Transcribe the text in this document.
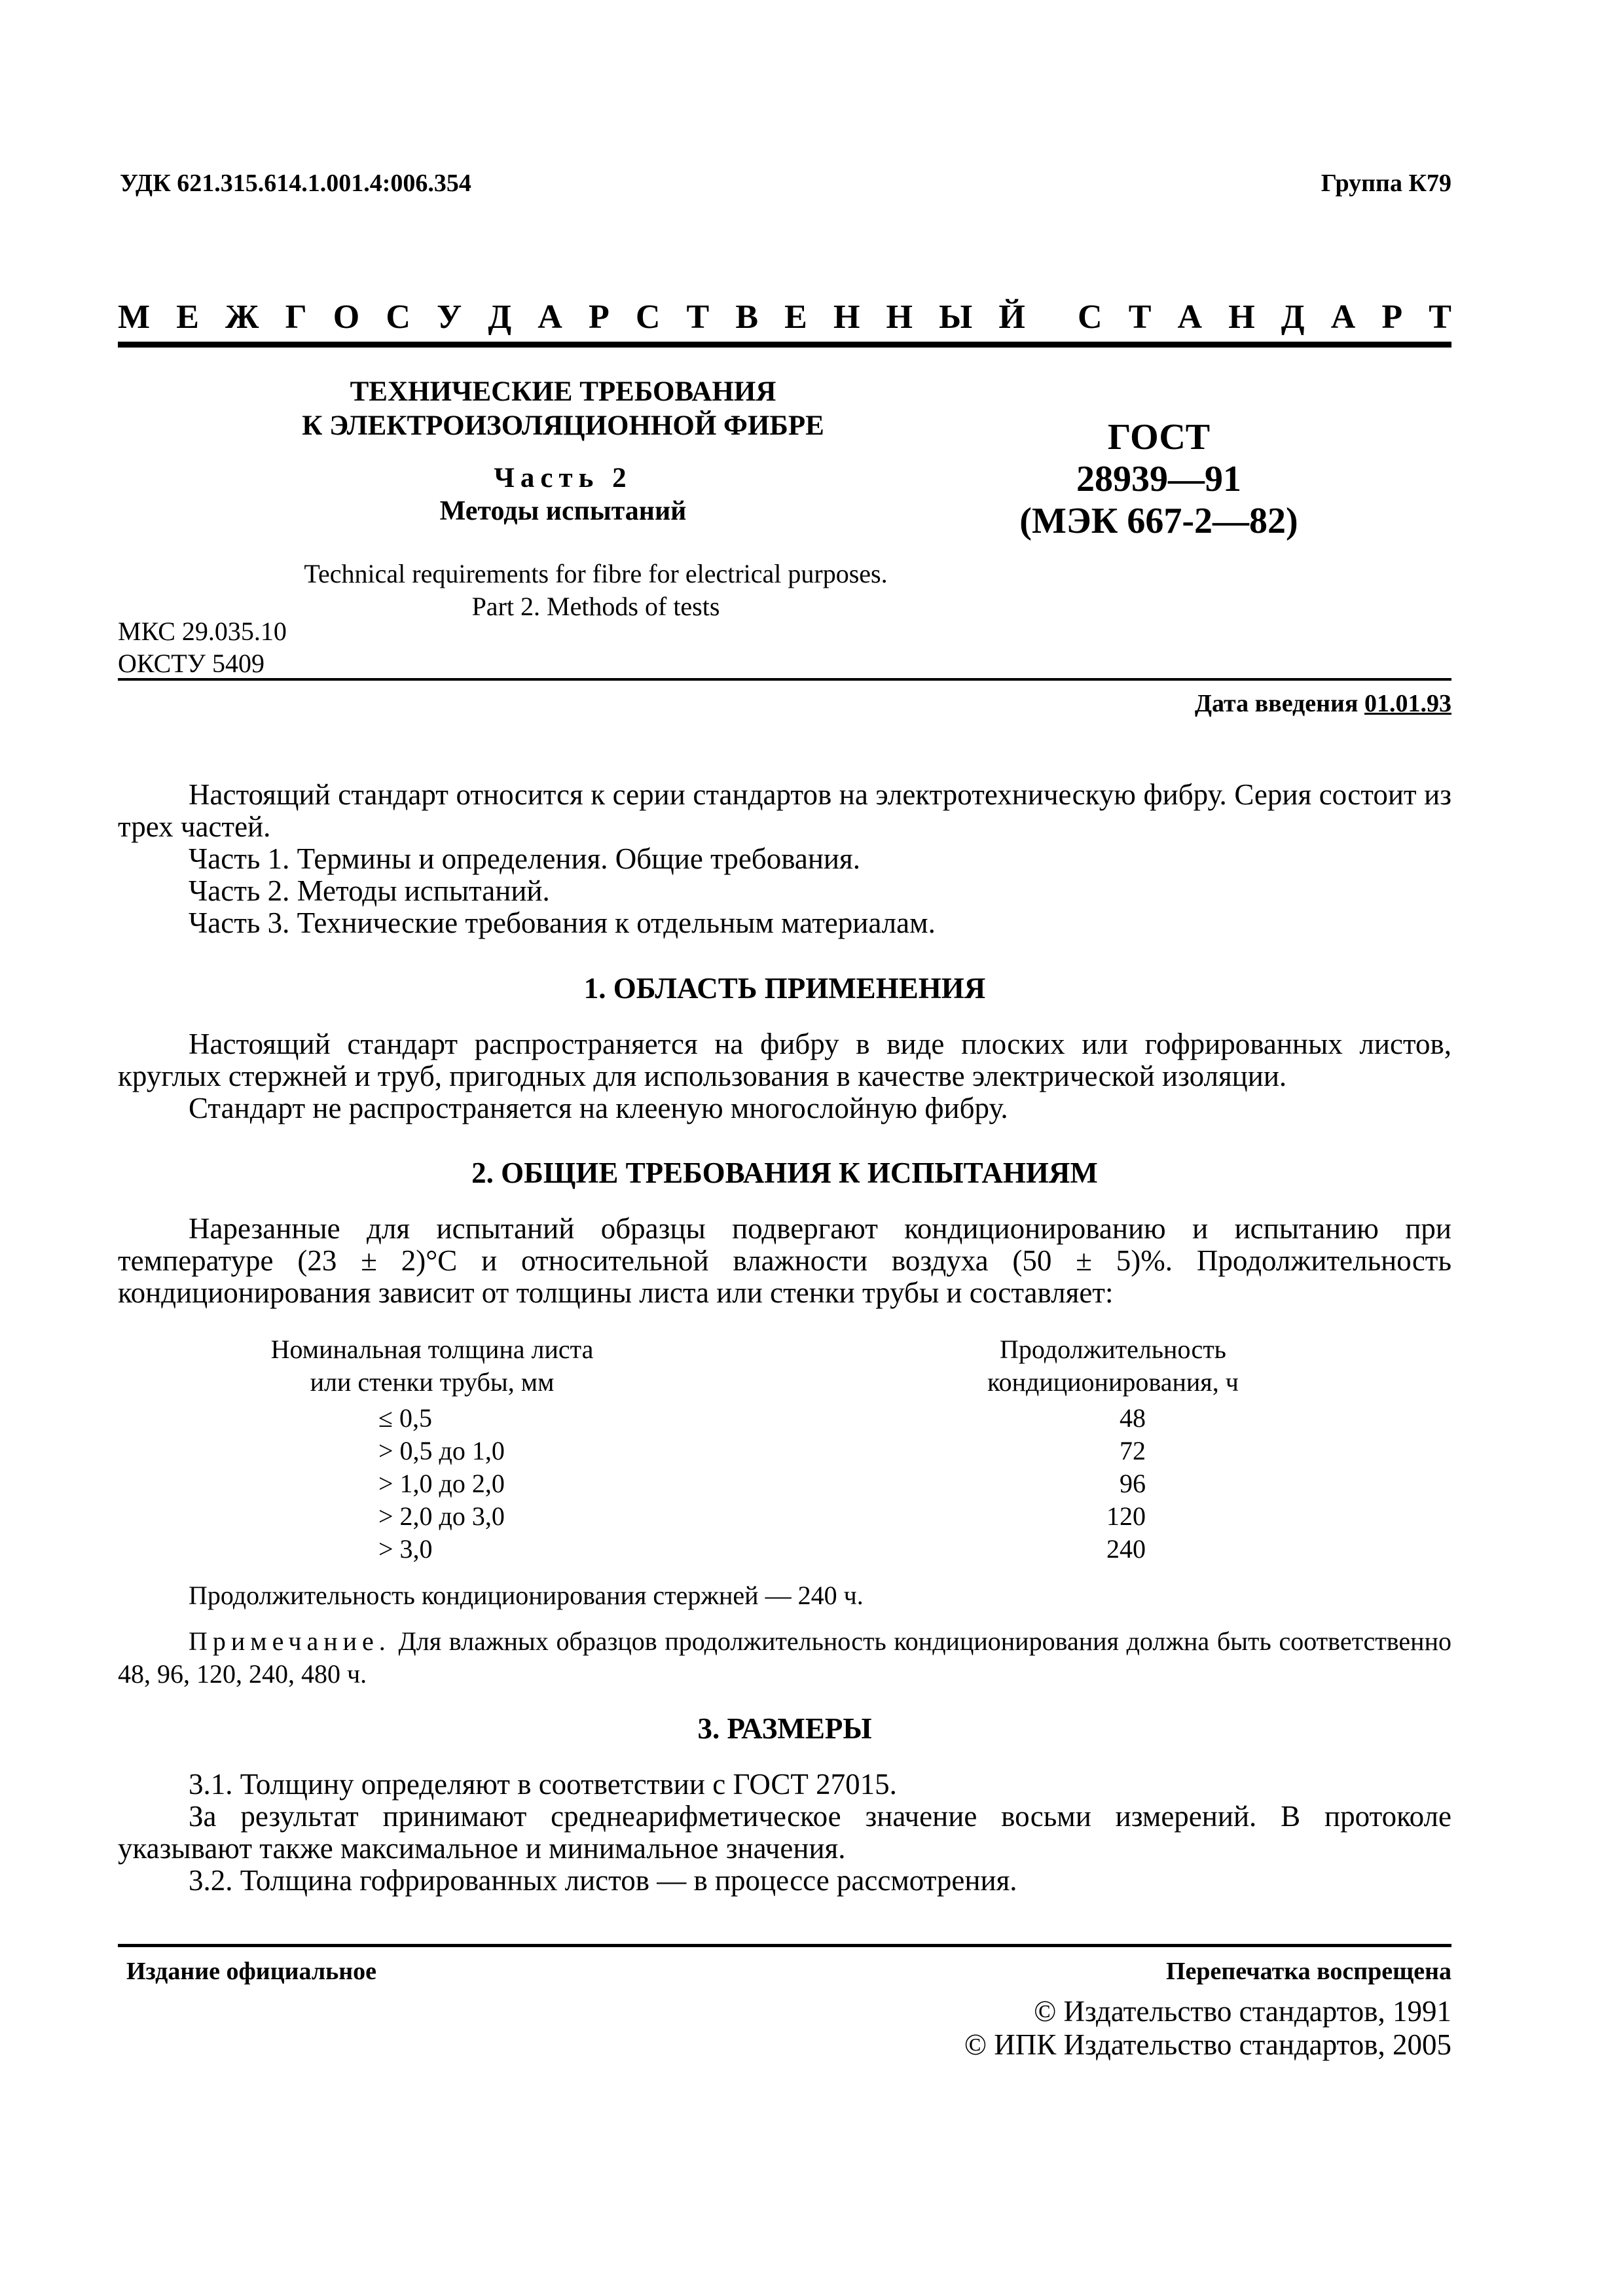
УДК 621.315.614.1.001.4:006.354	Группа К79
М Е Ж Г О С У Д А Р С Т В Е Н Н Ы Й С Т А Н Д А Р Т
ТЕХНИЧЕСКИЕ ТРЕБОВАНИЯ
К ЭЛЕКТРОИЗОЛЯЦИОННОЙ ФИБРЕ
Часть 2
Методы испытаний
ГОСТ
28939—91
(МЭК 667-2—82)
Technical requirements for fibre for electrical purposes.
Part 2. Methods of tests
МКС 29.035.10
ОКСТУ 5409
Дата введения 01.01.93
Настоящий стандарт относится к серии стандартов на электротехническую фибру. Серия состоит из трех частей.
Часть 1. Термины и определения. Общие требования.
Часть 2. Методы испытаний.
Часть 3. Технические требования к отдельным материалам.
1. ОБЛАСТЬ ПРИМЕНЕНИЯ
Настоящий стандарт распространяется на фибру в виде плоских или гофрированных листов, круглых стержней и труб, пригодных для использования в качестве электрической изоляции.
Стандарт не распространяется на клееную многослойную фибру.
2. ОБЩИЕ ТРЕБОВАНИЯ К ИСПЫТАНИЯМ
Нарезанные для испытаний образцы подвергают кондиционированию и испытанию при температуре (23 ± 2)°C и относительной влажности воздуха (50 ± 5)%. Продолжительность кондиционирования зависит от толщины листа или стенки трубы и составляет:
Номинальная толщина листа
или стенки трубы, мм
Продолжительность
кондиционирования, ч
≤ 0,5
> 0,5 до 1,0
> 1,0 до 2,0
> 2,0 до 3,0
> 3,0
48
72
96
120
240
Продолжительность кондиционирования стержней — 240 ч.
Примечание. Для влажных образцов продолжительность кондиционирования должна быть соответственно 48, 96, 120, 240, 480 ч.
3. РАЗМЕРЫ
3.1. Толщину определяют в соответствии с ГОСТ 27015.
За результат принимают среднеарифметическое значение восьми измерений. В протоколе указывают также максимальное и минимальное значения.
3.2. Толщина гофрированных листов — в процессе рассмотрения.
Издание официальное	Перепечатка воспрещена
© Издательство стандартов, 1991
© ИПК Издательство стандартов, 2005
